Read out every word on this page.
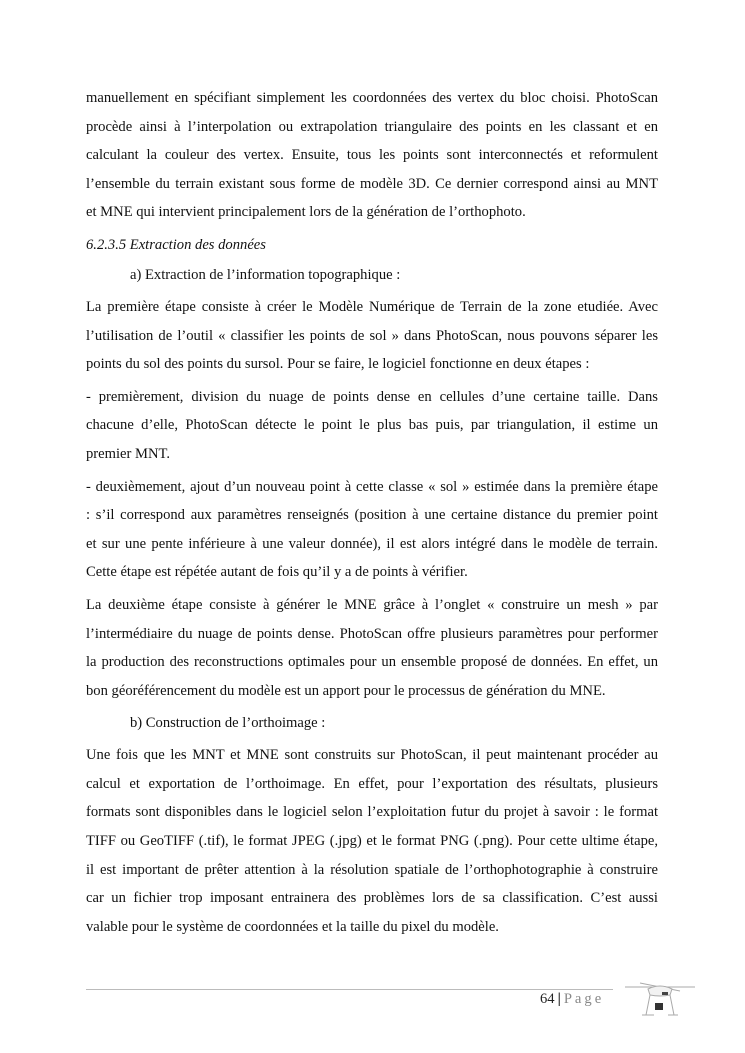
manuellement en spécifiant simplement les coordonnées des vertex du bloc choisi. PhotoScan
procède ainsi à l’interpolation ou extrapolation triangulaire des points en les classant et en
calculant la couleur des vertex. Ensuite, tous les points sont interconnectés et reformulent
l’ensemble du terrain existant sous forme de modèle 3D. Ce dernier correspond ainsi au MNT
et MNE qui intervient principalement lors de la génération de l’orthophoto.
6.2.3.5 Extraction des données
a) Extraction de l’information topographique :
La première étape consiste à créer le Modèle Numérique de Terrain de la zone etudiée. Avec
l’utilisation de l’outil « classifier les points de sol » dans PhotoScan, nous pouvons séparer les
points du sol des points du sursol. Pour se faire, le logiciel fonctionne en deux étapes :
- premièrement, division du nuage de points dense en cellules d’une certaine taille. Dans
chacune d’elle, PhotoScan détecte le point le plus bas puis, par triangulation, il estime un
premier MNT.
- deuxièmement, ajout d’un nouveau point à cette classe « sol » estimée dans la première étape
: s’il correspond aux paramètres renseignés (position à une certaine distance du premier point
et sur une pente inférieure à une valeur donnée), il est alors intégré dans le modèle de terrain.
Cette étape est répétée autant de fois qu’il y a de points à vérifier.
La deuxième étape consiste à générer le MNE grâce à l’onglet « construire un mesh » par
l’intermédiaire du nuage de points dense. PhotoScan offre plusieurs paramètres pour performer
la production des reconstructions optimales pour un ensemble proposé de données. En effet, un
bon géoréférencement du modèle est un apport pour le processus de génération du MNE.
b) Construction de l’orthoimage :
Une fois que les MNT et MNE sont construits sur PhotoScan, il peut maintenant procéder au
calcul et exportation de l’orthoimage. En effet, pour l’exportation des résultats, plusieurs
formats sont disponibles dans le logiciel selon l’exploitation futur du projet à savoir : le format
TIFF ou GeoTIFF (.tif), le format JPEG (.jpg) et le format PNG (.png). Pour cette ultime étape,
il est important de prêter attention à la résolution spatiale de l’orthophotographie à construire
car un fichier trop imposant entrainera des problèmes lors de sa classification. C’est aussi
valable pour le système de coordonnées et la taille du pixel du modèle.
64 | Page
